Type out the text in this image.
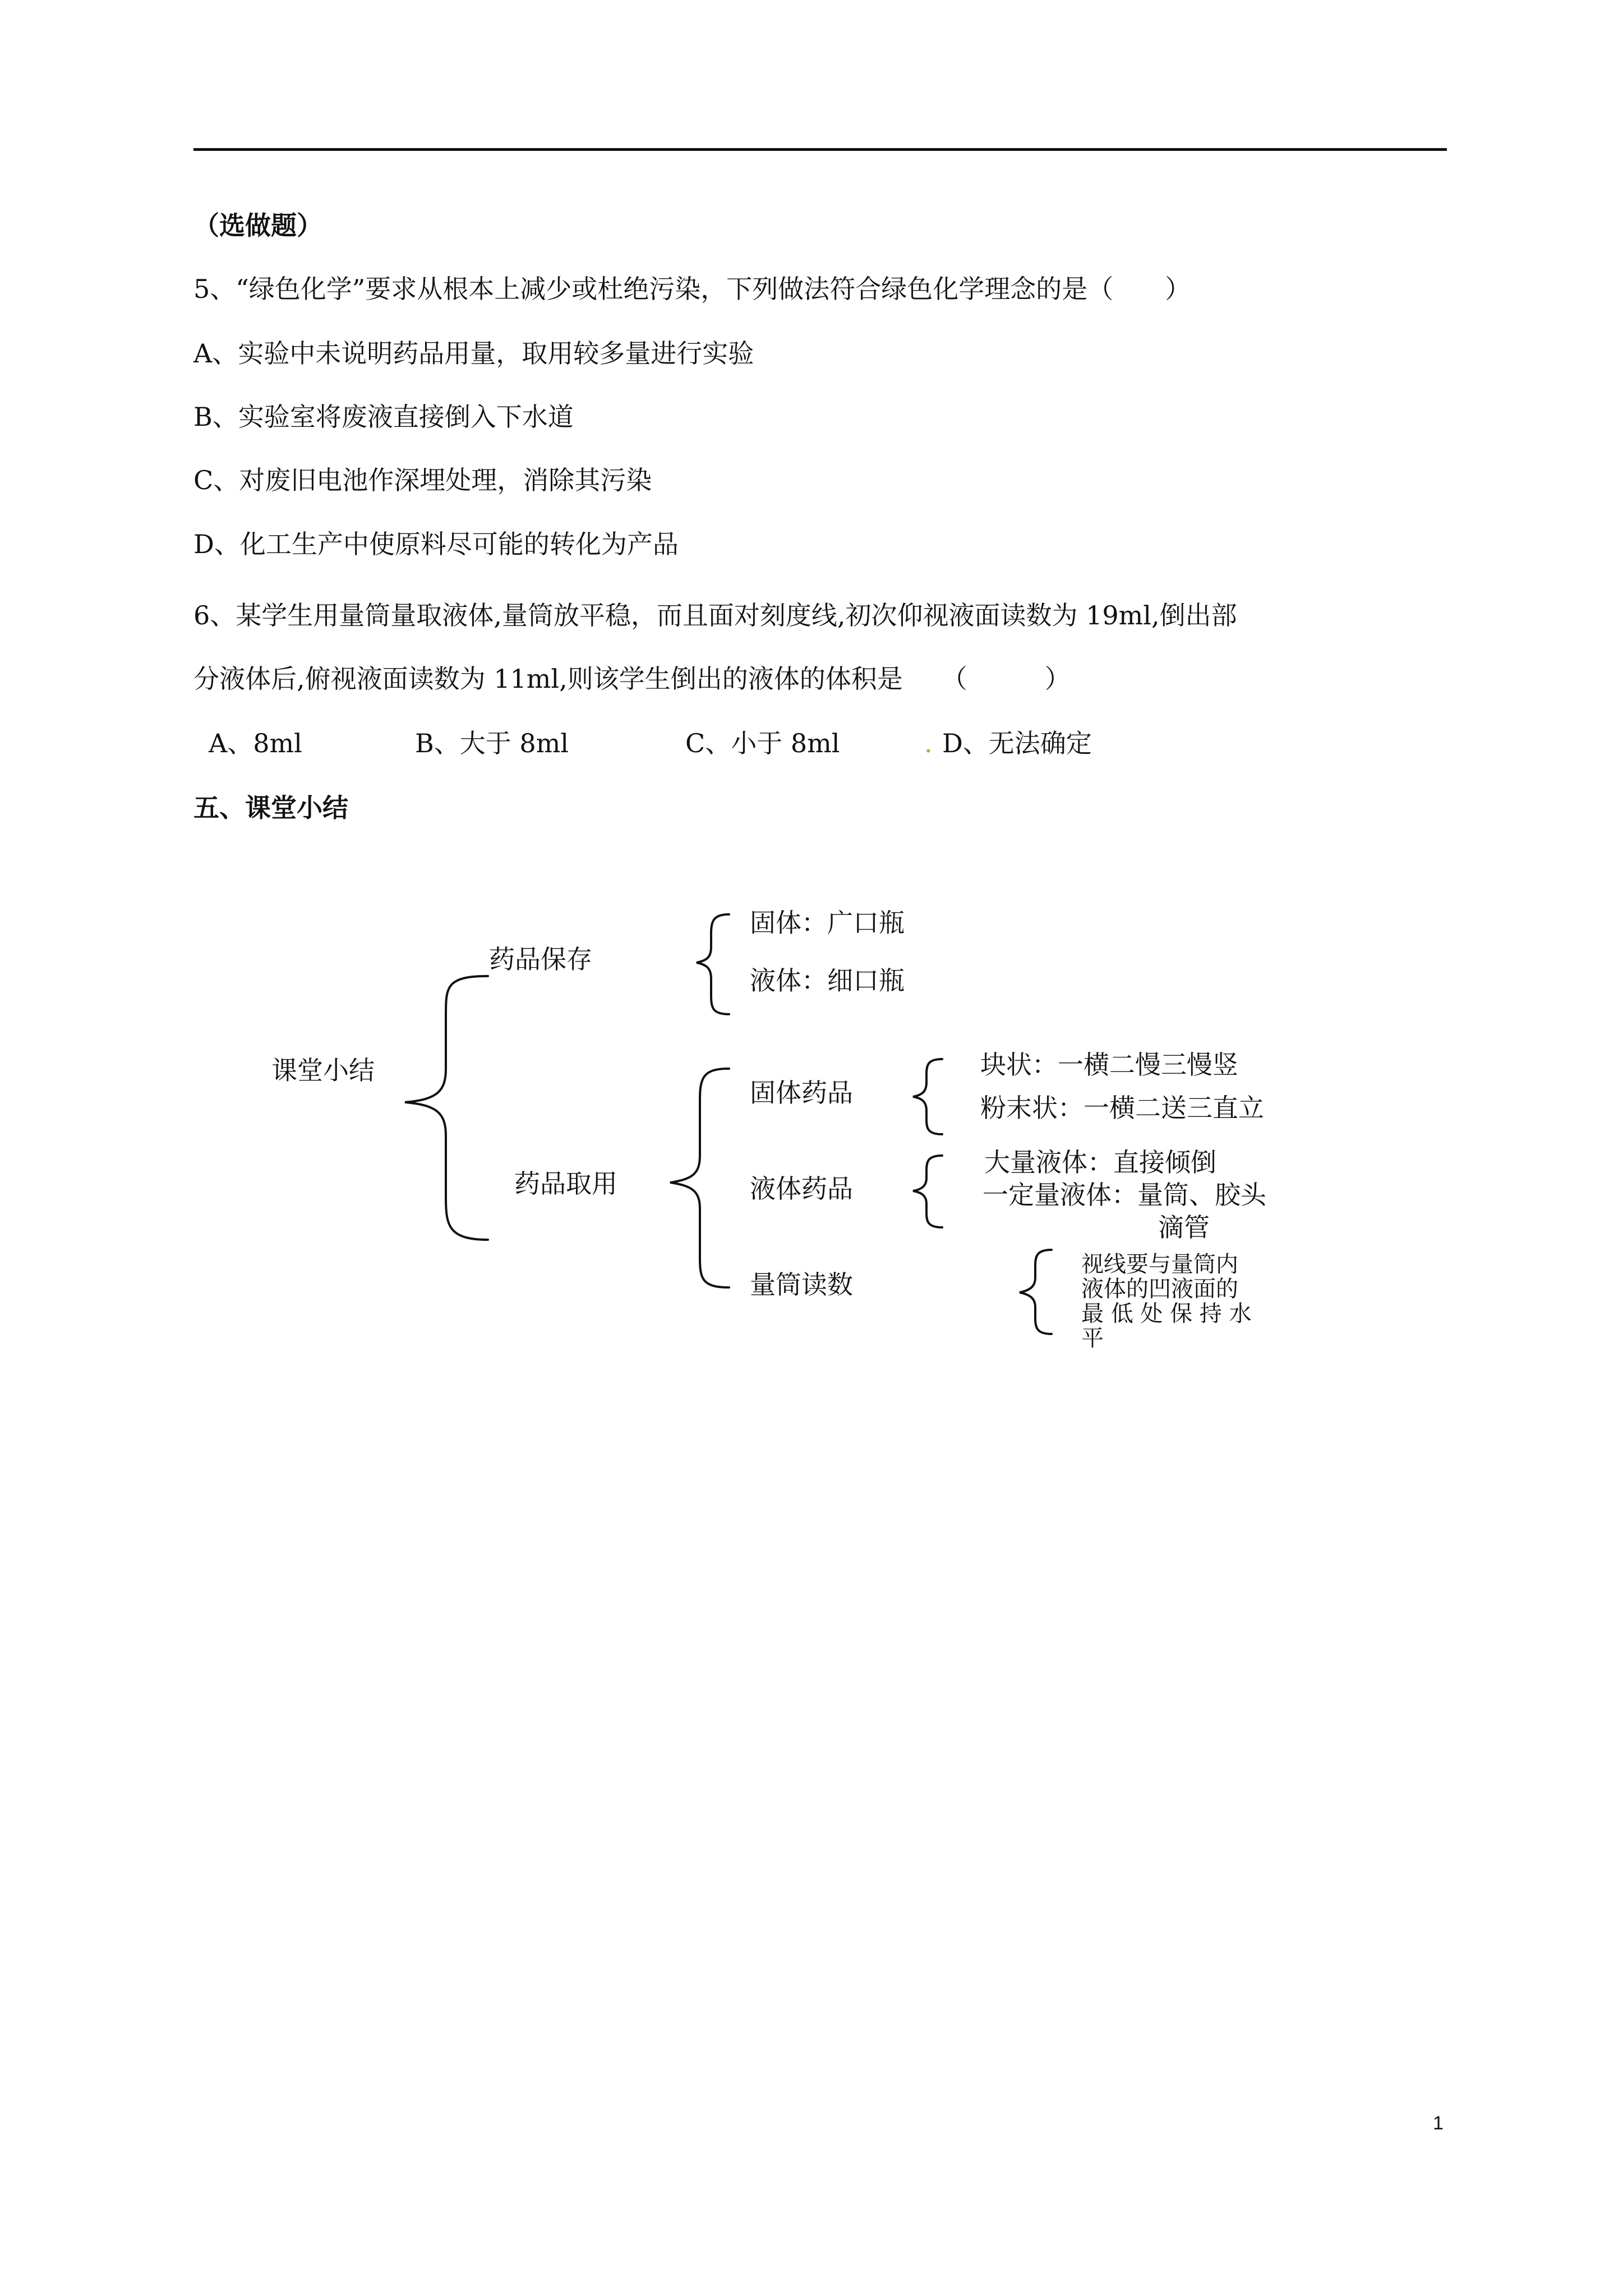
（选做题）
5、“绿色化学”要求从根本上减少或杜绝污染，下列做法符合绿色化学理念的是（　　）
A、实验中未说明药品用量，取用较多量进行实验
B、实验室将废液直接倒入下水道
C、对废旧电池作深埋处理，消除其污染
D、化工生产中使原料尽可能的转化为产品
6、某学生用量筒量取液体,量筒放平稳，而且面对刻度线,初次仰视液面读数为 19ml,倒出部
分液体后,俯视液面读数为 11ml,则该学生倒出的液体的体积是　　（　　　）
A、8ml	B、大于 8ml	C、小于 8ml	. D、无法确定
五、课堂小结
课堂小结
药品保存
固体：广口瓶
液体：细口瓶
药品取用
固体药品
块状：一横二慢三慢竖
粉末状：一横二送三直立
液体药品
大量液体：直接倾倒
一定量液体：量筒、胶头
滴管
量筒读数
视线要与量筒内
液体的凹液面的
最 低 处 保 持 水
平
1
